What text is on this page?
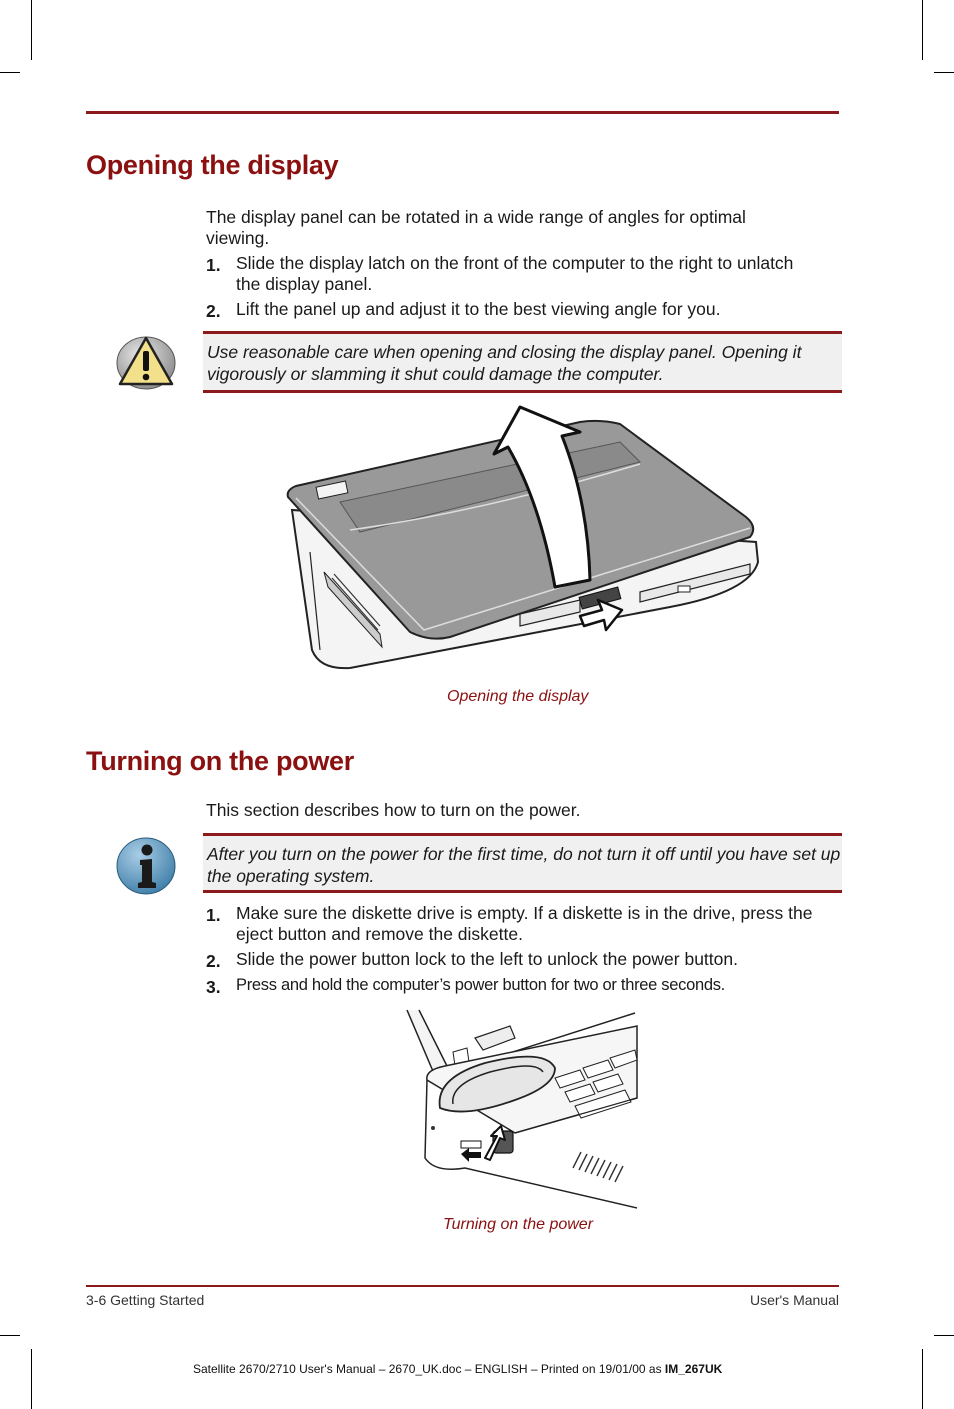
Opening the display

The display panel can be rotated in a wide range of angles for optimal viewing.

1. Slide the display latch on the front of the computer to the right to unlatch the display panel.
2. Lift the panel up and adjust it to the best viewing angle for you.
Use reasonable care when opening and closing the display panel. Opening it vigorously or slamming it shut could damage the computer.
Opening the display
Turning on the power

This section describes how to turn on the power.

After you turn on the power for the first time, do not turn it off until you have set up the operating system.
1. Make sure the diskette drive is empty. If a diskette is in the drive, press the eject button and remove the diskette.
2. Slide the power button lock to the left to unlock the power button.
3. Press and hold the computer’s power button for two or three seconds.
Turning on the power
3-6 Getting Started	User's Manual
Satellite 2670/2710 User's Manual – 2670_UK.doc – ENGLISH – Printed on 19/01/00 as IM_267UK
